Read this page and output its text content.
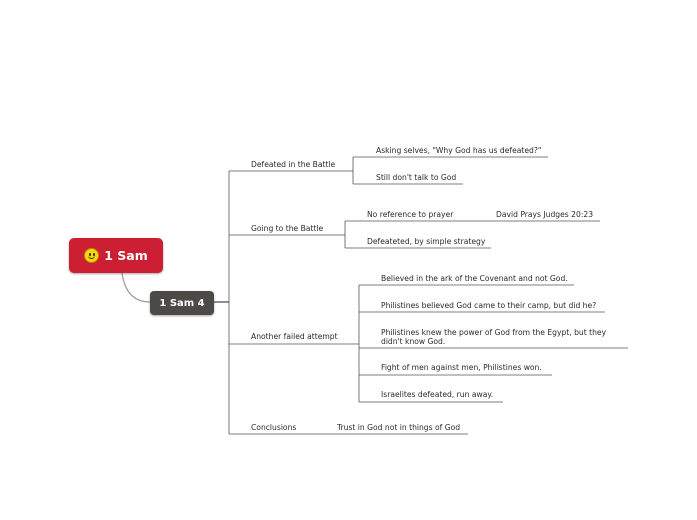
1 Sam
1 Sam 4
Defeated in the Battle
Asking selves, "Why God has us defeated?"
Still don't talk to God
Going to the Battle
No reference to prayer	David Prays Judges 20:23
Defeateted, by simple strategy
Another failed attempt
Believed in the ark of the Covenant and not God.
Philistines believed God came to their camp, but did he?
Philistines knew the power of God from the Egypt, but they didn't know God.
Fight of men against men, Philistines won.
Israelites defeated, run away.
Conclusions	Trust in God not in things of God
